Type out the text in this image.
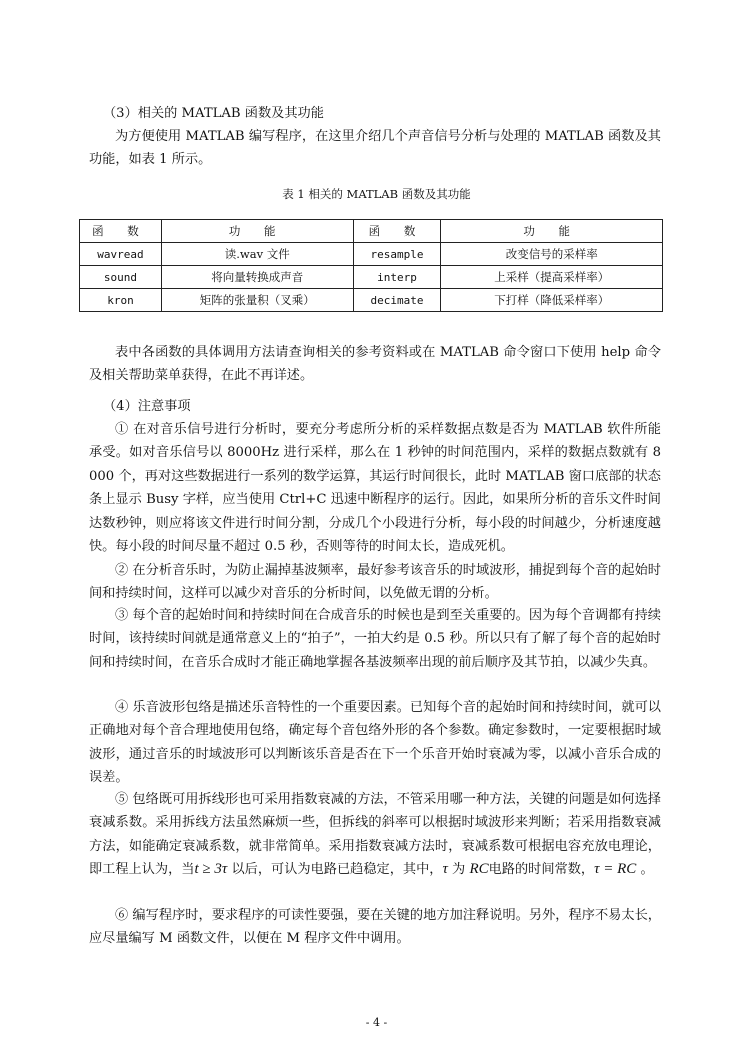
（3）相关的 MATLAB 函数及其功能

为方便使用 MATLAB 编写程序，在这里介绍几个声音信号分析与处理的 MATLAB 函数及其功能，如表 1 所示。

表 1 相关的 MATLAB 函数及其功能
函 数	功 能	函 数	功 能
wavread	读.wav 文件	resample	改变信号的采样率
sound	将向量转换成声音	interp	上采样（提高采样率）
kron	矩阵的张量积（叉乘）	decimate	下打样（降低采样率）

表中各函数的具体调用方法请查询相关的参考资料或在 MATLAB 命令窗口下使用 help 命令及相关帮助菜单获得，在此不再详述。

（4）注意事项

① 在对音乐信号进行分析时，要充分考虑所分析的采样数据点数是否为 MATLAB 软件所能承受。如对音乐信号以 8000Hz 进行采样，那么在 1 秒钟的时间范围内，采样的数据点数就有 8000 个，再对这些数据进行一系列的数学运算，其运行时间很长，此时 MATLAB 窗口底部的状态条上显示 Busy 字样，应当使用 Ctrl+C 迅速中断程序的运行。因此，如果所分析的音乐文件时间达数秒钟，则应将该文件进行时间分割，分成几个小段进行分析，每小段的时间越少，分析速度越快。每小段的时间尽量不超过 0.5 秒，否则等待的时间太长，造成死机。

② 在分析音乐时，为防止漏掉基波频率，最好参考该音乐的时域波形，捕捉到每个音的起始时间和持续时间，这样可以减少对音乐的分析时间，以免做无谓的分析。

③ 每个音的起始时间和持续时间在合成音乐的时候也是到至关重要的。因为每个音调都有持续时间，该持续时间就是通常意义上的“拍子”，一拍大约是 0.5 秒。所以只有了解了每个音的起始时间和持续时间，在音乐合成时才能正确地掌握各基波频率出现的前后顺序及其节拍，以减少失真。

④ 乐音波形包络是描述乐音特性的一个重要因素。已知每个音的起始时间和持续时间，就可以正确地对每个音合理地使用包络，确定每个音包络外形的各个参数。确定参数时，一定要根据时域波形，通过音乐的时域波形可以判断该乐音是否在下一个乐音开始时衰减为零，以减小音乐合成的误差。

⑤ 包络既可用拆线形也可采用指数衰减的方法，不管采用哪一种方法，关键的问题是如何选择衰减系数。采用拆线方法虽然麻烦一些，但拆线的斜率可以根据时域波形来判断；若采用指数衰减方法，如能确定衰减系数，就非常简单。采用指数衰减方法时，衰减系数可根据电容充放电理论，即工程上认为，当t ≥ 3τ 以后，可认为电路已趋稳定，其中，τ 为 RC电路的时间常数，τ = RC 。

⑥ 编写程序时，要求程序的可读性要强，要在关键的地方加注释说明。另外，程序不易太长，应尽量编写 M 函数文件，以便在 M 程序文件中调用。

- 4 -
